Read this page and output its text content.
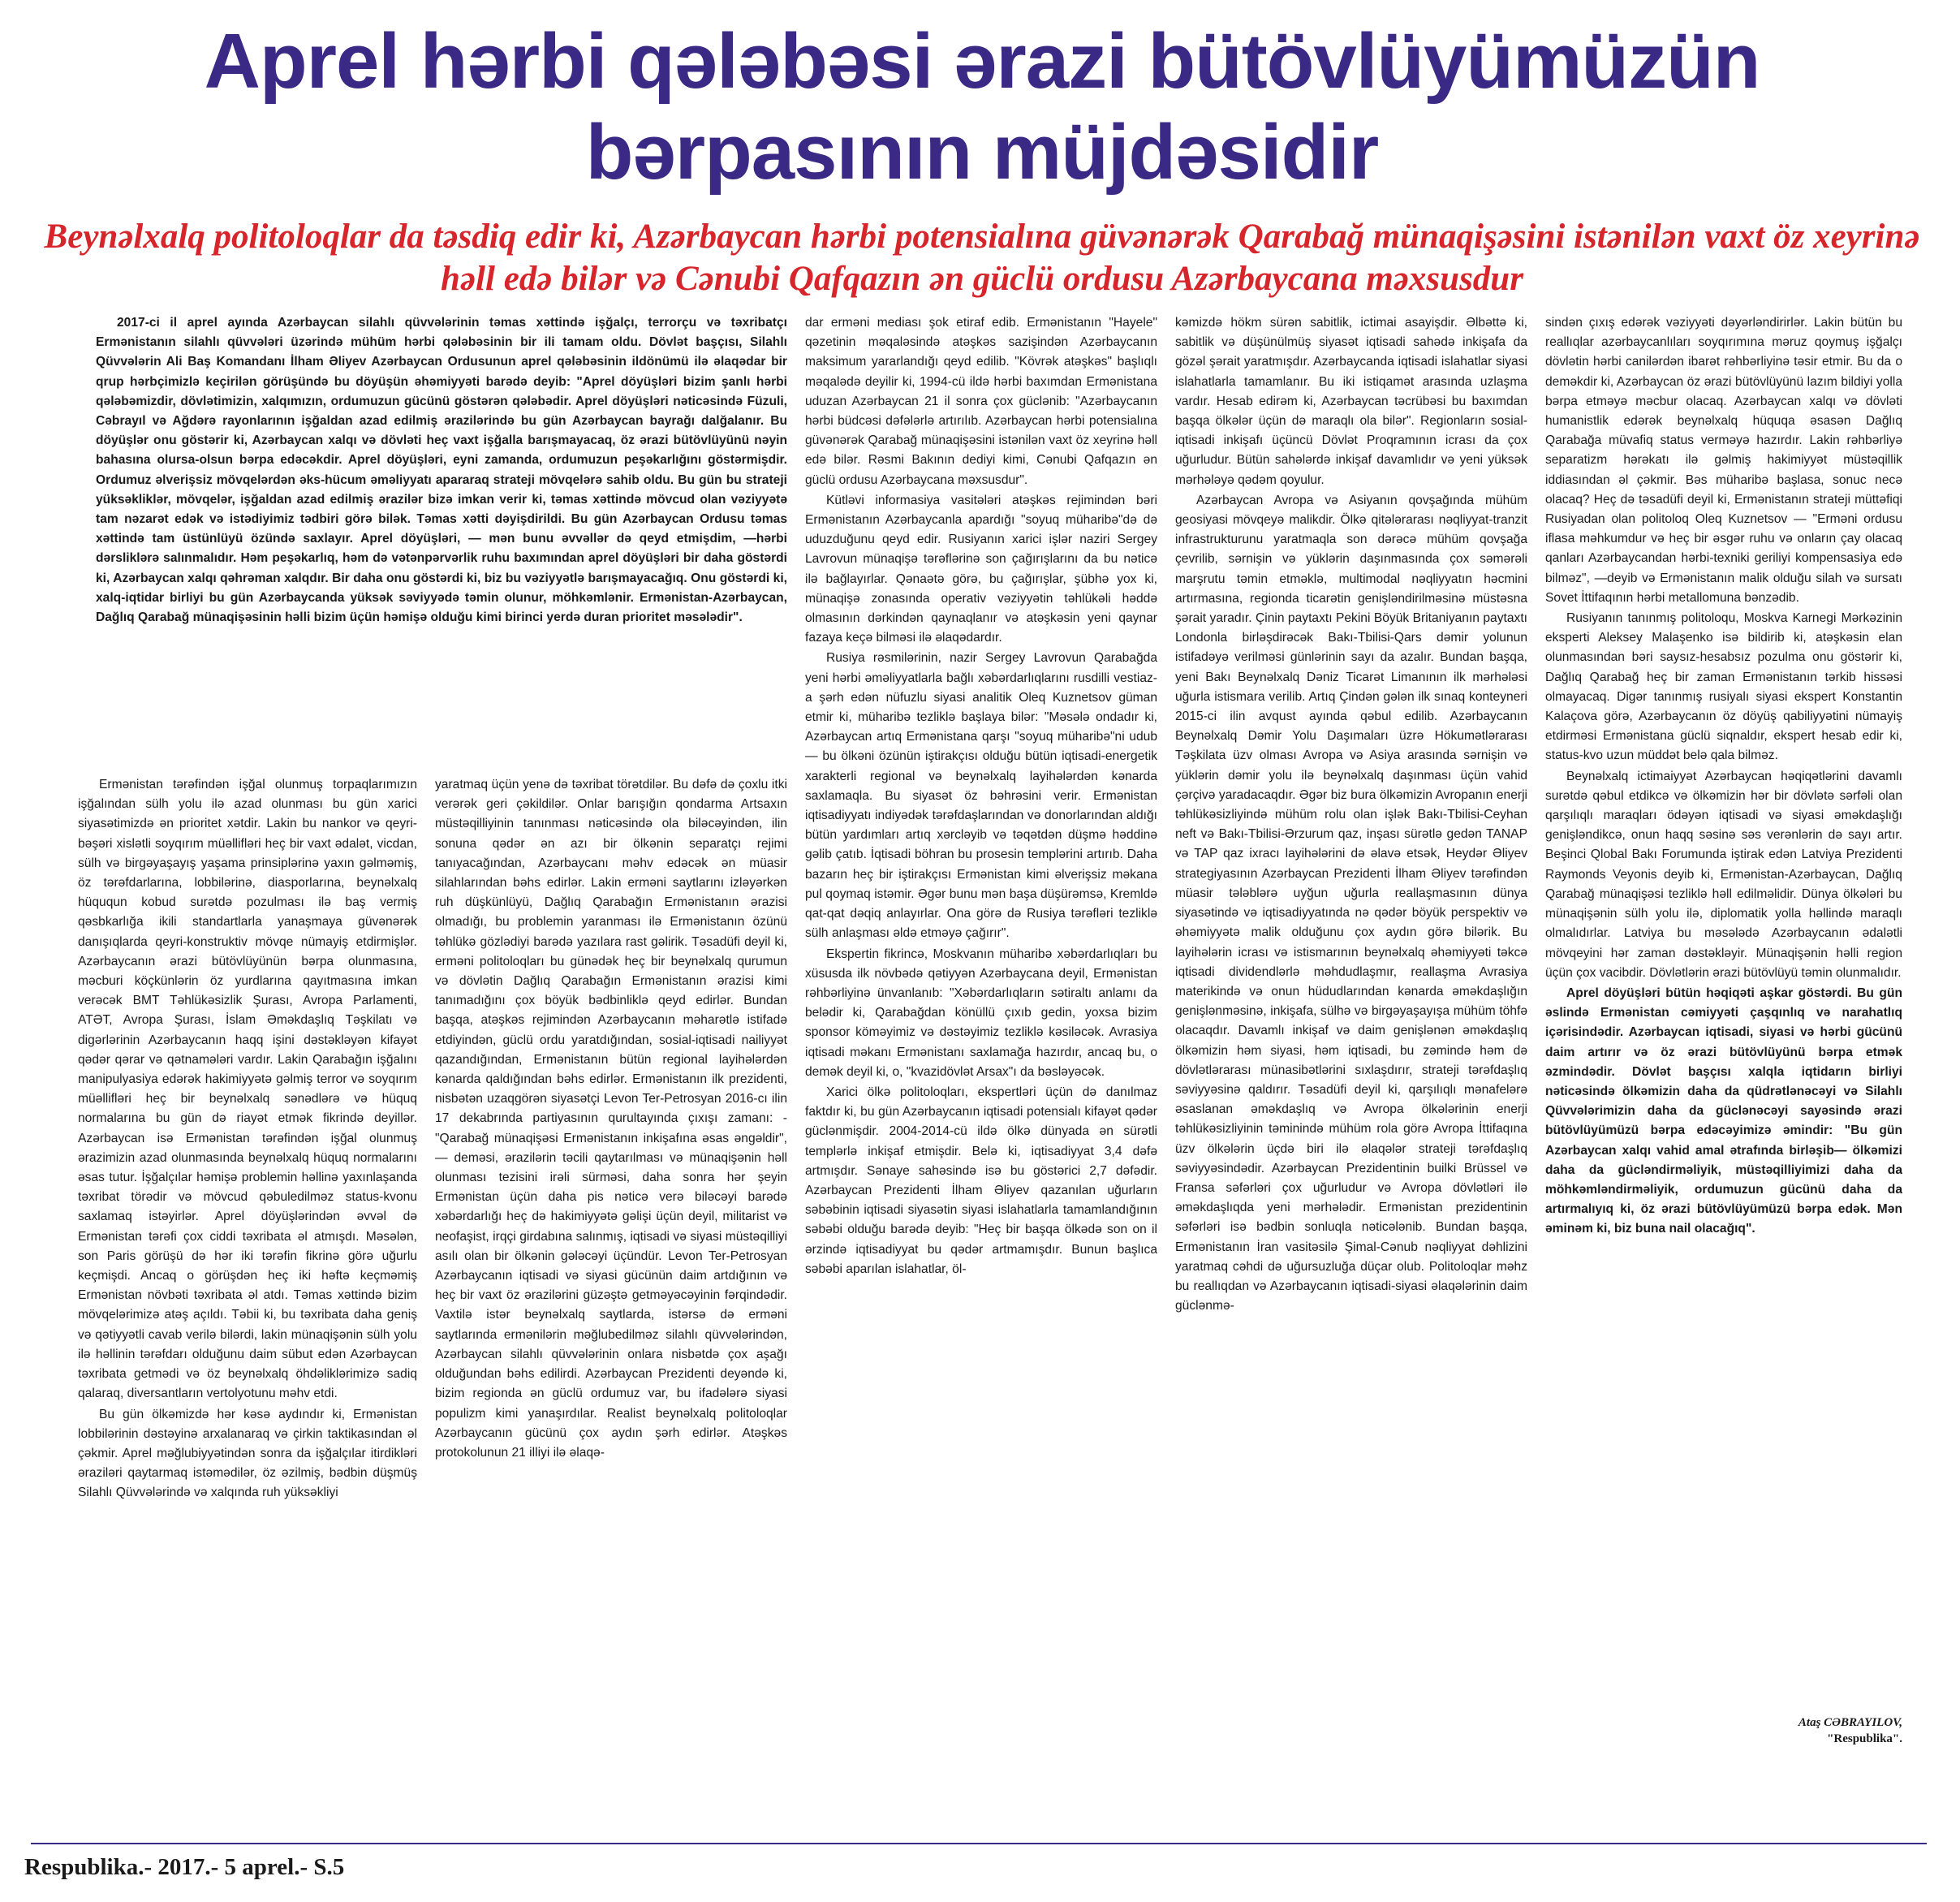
Aprel hərbi qələbəsi ərazi bütövlüyümüzün bərpasının müjdəsidir
Beynəlxalq politoloqlar da təsdiq edir ki, Azərbaycan hərbi potensialına güvənərək Qarabağ münaqişəsini istənilən vaxt öz xeyrinə həll edə bilər və Cənubi Qafqazın ən güclü ordusu Azərbaycana məxsusdur

2017-ci il aprel ayında Azərbaycan silahlı qüvvələrinin təmas xəttində işğalçı, terrorçu və təxribatçı Ermənistanın silahlı qüvvələri üzərində mühüm hərbi qələbəsinin bir ili tamam oldu. Dövlət başçısı, Silahlı Qüvvələrin Ali Baş Komandanı İlham Əliyev Azərbaycan Ordusunun aprel qələbəsinin ildönümü ilə əlaqədar bir qrup hərbçimizlə keçirilən görüşündə bu döyüşün əhəmiyyəti barədə deyib: "Aprel döyüşləri bizim şanlı hərbi qələbəmizdir, dövlətimizin, xalqımızın, ordumuzun gücünü göstərən qələbədir. Aprel döyüşləri nəticəsində Füzuli, Cəbrayıl və Ağdərə rayonlarının işğaldan azad edilmiş ərazilərində bu gün Azərbaycan bayrağı dalğalanır. Bu döyüşlər onu göstərir ki, Azərbaycan xalqı və dövləti heç vaxt işğalla barışmayacaq, öz ərazi bütövlüyünü nəyin bahasına olursa-olsun bərpa edəcəkdir. Aprel döyüşləri, eyni zamanda, ordumuzun peşəkarlığını göstərmişdir. Ordumuz əlverişsiz mövqelərdən əks-hücum əməliyyatı apararaq strateji mövqelərə sahib oldu. Bu gün bu strateji yüksəkliklər, mövqelər, işğaldan azad edilmiş ərazilər bizə imkan verir ki, təmas xəttində mövcud olan vəziyyətə tam nəzarət edək və istədiyimiz tədbiri görə bilək. Təmas xətti dəyişdirildi. Bu gün Azərbaycan Ordusu təmas xəttində tam üstünlüyü özündə saxlayır. Aprel döyüşləri, — mən bunu əvvəllər də qeyd etmişdim, —hərbi dərsliklərə salınmalıdır. Həm peşəkarlıq, həm də vətənpərvərlik ruhu baxımından aprel döyüşləri bir daha göstərdi ki, Azərbaycan xalqı qəhrəman xalqdır. Bir daha onu göstərdi ki, biz bu vəziyyətlə barışmayacağıq. Onu göstərdi ki, xalq-iqtidar birliyi bu gün Azərbaycanda yüksək səviyyədə təmin olunur, möhkəmlənir. Ermənistan-Azərbaycan, Dağlıq Qarabağ münaqişəsinin həlli bizim üçün həmişə olduğu kimi birinci yerdə duran prioritet məsələdir".

Ermənistan tərəfindən işğal olunmuş torpaqlarımızın işğalından sülh yolu ilə azad olunması bu gün xarici siyasətimizdə ən prioritet xətdir. Lakin bu nankor və qeyri-bəşəri xislətli soyqırım müəllifləri heç bir vaxt ədalət, vicdan, sülh və birgəyaşayış yaşama prinsiplərinə yaxın gəlməmiş, öz tərəfdarlarına, lobbilərinə, diasporlarına, beynəlxalq hüququn kobud surətdə pozulması ilə baş vermiş qəsbkarlığa ikili standartlarla yanaşmaya güvənərək danışıqlarda qeyri-konstruktiv mövqe nümayiş etdirmişlər. Azərbaycanın ərazi bütövlüyünün bərpa olunmasına, məcburi köçkünlərin öz yurdlarına qayıtmasına imkan verəcək BMT Təhlükəsizlik Şurası, Avropa Parlamenti, ATƏT, Avropa Şurası, İslam Əməkdaşlıq Təşkilatı və digərlərinin Azərbaycanın haqq işini dəstəkləyən kifayət qədər qərar və qətnamələri vardır. Lakin Qarabağın işğalını manipulyasiya edərək hakimiyyətə gəlmiş terror və soyqırım müəllifləri heç bir beynəlxalq sənədlərə və hüquq normalarına bu gün də riayət etmək fikrində deyillər. Azərbaycan isə Ermənistan tərəfindən işğal olunmuş ərazimizin azad olunmasında beynəlxalq hüquq normalarını əsas tutur. İşğalçılar həmişə problemin həllinə yaxınlaşanda təxribat törədir və mövcud qəbuledilməz status-kvonu saxlamaq istəyirlər. Aprel döyüşlərindən əvvəl də Ermənistan tərəfi çox ciddi təxribata əl atmışdı. Məsələn, son Paris görüşü də hər iki tərəfin fikrinə görə uğurlu keçmişdi. Ancaq o görüşdən heç iki həftə keçməmiş Ermənistan növbəti təxribata əl atdı. Təmas xəttində bizim mövqelərimizə atəş açıldı. Təbii ki, bu təxribata daha geniş və qətiyyətli cavab verilə bilərdi, lakin münaqişənin sülh yolu ilə həllinin tərəfdarı olduğunu daim sübut edən Azərbaycan təxribata getmədi və öz beynəlxalq öhdəliklərimizə sadiq qalaraq, diversantların vertolyotunu məhv etdi.

Bu gün ölkəmizdə hər kəsə aydındır ki, Ermənistan lobbilərinin dəstəyinə arxalanaraq və çirkin taktikasından əl çəkmir. Aprel məğlubiyyətindən sonra da işğalçılar itirdikləri əraziləri qaytarmaq istəmədilər, öz əzilmiş, bədbin düşmüş Silahlı Qüvvələrində və xalqında ruh yüksəkliyi

yaratmaq üçün yenə də təxribat törətdilər. Bu dəfə də çoxlu itki verərək geri çəkildilər. Onlar barışığın qondarma Artsaxın müstəqilliyinin tanınması nəticəsində ola biləcəyindən, ilin sonuna qədər ən azı bir ölkənin separatçı rejimi tanıyacağından, Azərbaycanı məhv edəcək ən müasir silahlarından bəhs edirlər. Lakin erməni saytlarını izləyərkən ruh düşkünlüyü, Dağlıq Qarabağın Ermənistanın ərazisi olmadığı, bu problemin yaranması ilə Ermənistanın özünü təhlükə gözlədiyi barədə yazılara rast gəlirik. Təsadüfi deyil ki, erməni politoloqları bu günədək heç bir beynəlxalq qurumun və dövlətin Dağlıq Qarabağın Ermənistanın ərazisi kimi tanımadığını çox böyük bədbinliklə qeyd edirlər. Bundan başqa, atəşkəs rejimindən Azərbaycanın məharətlə istifadə etdiyindən, güclü ordu yaratdığından, sosial-iqtisadi nailiyyət qazandığından, Ermənistanın bütün regional layihələrdən kənarda qaldığından bəhs edirlər. Ermənistanın ilk prezidenti, nisbətən uzaqgörən siyasətçi Levon Ter-Petrosyan 2016-cı ilin 17 dekabrında partiyasının qurultayında çıxışı zamanı: - "Qarabağ münaqişəsi Ermənistanın inkişafına əsas əngəldir",— deməsi, ərazilərin təcili qaytarılması və münaqişənin həll olunması tezisini irəli sürməsi, daha sonra hər şeyin Ermənistan üçün daha pis nəticə verə biləcəyi barədə xəbərdarlığı heç də hakimiyyətə gəlişi üçün deyil, militarist və neofaşist, irqçi girdabına salınmış, iqtisadi və siyasi müstəqilliyi asılı olan bir ölkənin gələcəyi üçündür. Levon Ter-Petrosyan Azərbaycanın iqtisadi və siyasi gücünün daim artdığının və heç bir vaxt öz ərazilərini güzəştə getməyəcəyinin fərqindədir. Vaxtilə istər beynəlxalq saytlarda, istərsə də erməni saytlarında ermənilərin məğlubedilməz silahlı qüvvələrindən, Azərbaycan silahlı qüvvələrinin onlara nisbətdə çox aşağı olduğundan bəhs edilirdi. Azərbaycan Prezidenti deyəndə ki, bizim regionda ən güclü ordumuz var, bu ifadələrə siyasi populizm kimi yanaşırdılar. Realist beynəlxalq politoloqlar Azərbaycanın gücünü çox aydın şərh edirlər. Atəşkəs protokolunun 21 illiyi ilə əlaqə-

dar erməni mediası şok etiraf edib. Ermənistanın "Hayele" qəzetinin məqaləsində atəşkəs sazişindən Azərbaycanın maksimum yararlandığı qeyd edilib. "Kövrək atəşkəs" başlıqlı məqalədə deyilir ki, 1994-cü ildə hərbi baxımdan Ermənistana uduzan Azərbaycan 21 il sonra çox güclənib: "Azərbaycanın hərbi büdcəsi dəfələrlə artırılıb. Azərbaycan hərbi potensialına güvənərək Qarabağ münaqişəsini istənilən vaxt öz xeyrinə həll edə bilər. Rəsmi Bakının dediyi kimi, Cənubi Qafqazın ən güclü ordusu Azərbaycana məxsusdur".

Kütləvi informasiya vasitələri atəşkəs rejimindən bəri Ermənistanın Azərbaycanla apardığı "soyuq müharibə"də də uduzduğunu qeyd edir. Rusiyanın xarici işlər naziri Sergey Lavrovun münaqişə tərəflərinə son çağırışlarını da bu nəticə ilə bağlayırlar. Qənaətə görə, bu çağırışlar, şübhə yox ki, münaqişə zonasında operativ vəziyyətin təhlükəli həddə olmasının dərkindən qaynaqlanır və atəşkəsin yeni qaynar fazaya keçə bilməsi ilə əlaqədardır.

Rusiya rəsmilərinin, nazir Sergey Lavrovun Qarabağda yeni hərbi əməliyyatlarla bağlı xəbərdarlıqlarını rusdilli vestiaz-a şərh edən nüfuzlu siyasi analitik Oleq Kuznetsov güman etmir ki, müharibə tezliklə başlaya bilər: "Məsələ ondadır ki, Azərbaycan artıq Ermənistana qarşı "soyuq müharibə"ni udub — bu ölkəni özünün iştirakçısı olduğu bütün iqtisadi-energetik xarakterli regional və beynəlxalq layihələrdən kənarda saxlamaqla. Bu siyasət öz bəhrəsini verir. Ermənistan iqtisadiyyatı indiyədək tərəfdaşlarından və donorlarından aldığı bütün yardımları artıq xərcləyib və təqətdən düşmə həddinə gəlib çatıb. İqtisadi böhran bu prosesin templərini artırıb. Daha bazarın heç bir iştirakçısı Ermənistan kimi əlverişsiz məkana pul qoymaq istəmir. Əgər bunu mən başa düşürəmsə, Kremldə qat-qat dəqiq anlayırlar. Ona görə də Rusiya tərəfləri tezliklə sülh anlaşması əldə etməyə çağırır".

Ekspertin fikrincə, Moskvanın müharibə xəbərdarlıqları bu xüsusda ilk növbədə qətiyyən Azərbaycana deyil, Ermənistan rəhbərliyinə ünvanlanıb: "Xəbərdarlıqların sətiraltı anlamı da belədir ki, Qarabağdan könüllü çıxıb gedin, yoxsa bizim sponsor köməyimiz və dəstəyimiz tezliklə kəsiləcək. Avrasiya iqtisadi məkanı Ermənistanı saxlamağa hazırdır, ancaq bu, o demək deyil ki, o, "kvazidövlət Arsax"ı da bəsləyəcək.

Xarici ölkə politoloqları, ekspertləri üçün də danılmaz faktdır ki, bu gün Azərbaycanın iqtisadi potensialı kifayət qədər güclənmişdir. 2004-2014-cü ildə ölkə dünyada ən sürətli templərlə inkişaf etmişdir. Belə ki, iqtisadiyyat 3,4 dəfə artmışdır. Sənaye sahəsində isə bu göstərici 2,7 dəfədir. Azərbaycan Prezidenti İlham Əliyev qazanılan uğurların səbəbinin iqtisadi siyasətin siyasi islahatlarla tamamlandığının səbəbi olduğu barədə deyib: "Heç bir başqa ölkədə son on il ərzində iqtisadiyyat bu qədər artmamışdır. Bunun başlıca səbəbi aparılan islahatlar, öl-

kəmizdə hökm sürən sabitlik, ictimai asayişdir. Əlbəttə ki, sabitlik və düşünülmüş siyasət iqtisadi sahədə inkişafa da gözəl şərait yaratmışdır. Azərbaycanda iqtisadi islahatlar siyasi islahatlarla tamamlanır. Bu iki istiqamət arasında uzlaşma vardır. Hesab edirəm ki, Azərbaycan təcrübəsi bu baxımdan başqa ölkələr üçün də maraqlı ola bilər". Regionların sosial-iqtisadi inkişafı üçüncü Dövlət Proqramının icrası da çox uğurludur. Bütün sahələrdə inkişaf davamlıdır və yeni yüksək mərhələyə qədəm qoyulur.

Azərbaycan Avropa və Asiyanın qovşağında mühüm geosiyasi mövqeyə malikdir. Ölkə qitələrarası nəqliyyat-tranzit infrastrukturunu yaratmaqla son dərəcə mühüm qovşağa çevrilib, sərnişin və yüklərin daşınmasında çox səmərəli marşrutu təmin etməklə, multimodal nəqliyyatın həcmini artırmasına, regionda ticarətin genişləndirilməsinə müstəsna şərait yaradır. Çinin paytaxtı Pekini Böyük Britaniyanın paytaxtı Londonla birləşdirəcək Bakı-Tbilisi-Qars dəmir yolunun istifadəyə verilməsi günlərinin sayı da azalır. Bundan başqa, yeni Bakı Beynəlxalq Dəniz Ticarət Limanının ilk mərhələsi uğurla istismara verilib. Artıq Çindən gələn ilk sınaq konteyneri 2015-ci ilin avqust ayında qəbul edilib. Azərbaycanın Beynəlxalq Dəmir Yolu Daşımaları üzrə Hökumətlərarası Təşkilata üzv olması Avropa və Asiya arasında sərnişin və yüklərin dəmir yolu ilə beynəlxalq daşınması üçün vahid çərçivə yaradacaqdır. Əgər biz bura ölkəmizin Avropanın enerji təhlükəsizliyində mühüm rolu olan işlək Bakı-Tbilisi-Ceyhan neft və Bakı-Tbilisi-Ərzurum qaz, inşası sürətlə gedən TANAP və TAP qaz ixracı layihələrini də əlavə etsək, Heydər Əliyev strategiyasının Azərbaycan Prezidenti İlham Əliyev tərəfindən müasir tələblərə uyğun uğurla reallaşmasının dünya siyasətində və iqtisadiyyatında nə qədər böyük perspektiv və əhəmiyyətə malik olduğunu çox aydın görə bilərik. Bu layihələrin icrası və istismarının beynəlxalq əhəmiyyəti təkcə iqtisadi dividendlərlə məhdudlaşmır, reallaşma Avrasiya materikində və onun hüdudlarından kənarda əməkdaşlığın genişlənməsinə, inkişafa, sülhə və birgəyaşayışa mühüm töhfə olacaqdır. Davamlı inkişaf və daim genişlənən əməkdaşlıq ölkəmizin həm siyasi, həm iqtisadi, bu zəmində həm də dövlətlərarası münasibətlərini sıxlaşdırır, strateji tərəfdaşlıq səviyyəsinə qaldırır. Təsadüfi deyil ki, qarşılıqlı mənafelərə əsaslanan əməkdaşlıq və Avropa ölkələrinin enerji təhlükəsizliyinin təminində mühüm rola görə Avropa İttifaqına üzv ölkələrin üçdə biri ilə əlaqələr strateji tərəfdaşlıq səviyyəsindədir. Azərbaycan Prezidentinin builki Brüssel və Fransa səfərləri çox uğurludur və Avropa dövlətləri ilə əməkdaşlıqda yeni mərhələdir. Ermənistan prezidentinin səfərləri isə bədbin sonluqla nəticələnib. Bundan başqa, Ermənistanın İran vasitəsilə Şimal-Cənub nəqliyyat dəhlizini yaratmaq cəhdi də uğursuzluğa düçar olub. Politoloqlar məhz bu reallıqdan və Azərbaycanın iqtisadi-siyasi əlaqələrinin daim güclənmə-

sindən çıxış edərək vəziyyəti dəyərləndirirlər. Lakin bütün bu reallıqlar azərbaycanlıları soyqırımına məruz qoymuş işğalçı dövlətin hərbi canilərdən ibarət rəhbərliyinə təsir etmir. Bu da o deməkdir ki, Azərbaycan öz ərazi bütövlüyünü lazım bildiyi yolla bərpa etməyə məcbur olacaq. Azərbaycan xalqı və dövləti humanistlik edərək beynəlxalq hüquqa əsasən Dağlıq Qarabağa müvafiq status verməyə hazırdır. Lakin rəhbərliyə separatizm hərəkatı ilə gəlmiş hakimiyyət müstəqillik iddiasından əl çəkmir. Bəs müharibə başlasa, sonuc necə olacaq? Heç də təsadüfi deyil ki, Ermənistanın strateji müttəfiqi Rusiyadan olan politoloq Oleq Kuznetsov — "Erməni ordusu iflasa məhkumdur və heç bir əsgər ruhu və onların çay olacaq qanları Azərbaycandan hərbi-texniki geriliyi kompensasiya edə bilməz", —deyib və Ermənistanın malik olduğu silah və sursatı Sovet İttifaqının hərbi metallomuna bənzədib.

Rusiyanın tanınmış politoloqu, Moskva Karnegi Mərkəzinin eksperti Aleksey Malaşenko isə bildirib ki, atəşkəsin elan olunmasından bəri saysız-hesabsız pozulma onu göstərir ki, Dağlıq Qarabağ heç bir zaman Ermənistanın tərkib hissəsi olmayacaq. Digər tanınmış rusiyalı siyasi ekspert Konstantin Kalaçova görə, Azərbaycanın öz döyüş qabiliyyətini nümayiş etdirməsi Ermənistana güclü siqnaldır, ekspert hesab edir ki, status-kvo uzun müddət belə qala bilməz.

Beynəlxalq ictimaiyyət Azərbaycan həqiqətlərini davamlı surətdə qəbul etdikcə və ölkəmizin hər bir dövlətə sərfəli olan qarşılıqlı maraqları ödəyən iqtisadi və siyasi əməkdaşlığı genişləndikcə, onun haqq səsinə səs verənlərin də sayı artır. Beşinci Qlobal Bakı Forumunda iştirak edən Latviya Prezidenti Raymonds Veyonis deyib ki, Ermənistan-Azərbaycan, Dağlıq Qarabağ münaqişəsi tezliklə həll edilməlidir. Dünya ölkələri bu münaqişənin sülh yolu ilə, diplomatik yolla həllində maraqlı olmalıdırlar. Latviya bu məsələdə Azərbaycanın ədalətli mövqeyini hər zaman dəstəkləyir. Münaqişənin həlli region üçün çox vacibdir. Dövlətlərin ərazi bütövlüyü təmin olunmalıdır.

Aprel döyüşləri bütün həqiqəti aşkar göstərdi. Bu gün əslində Ermənistan cəmiyyəti çaşqınlıq və narahatlıq içərisindədir. Azərbaycan iqtisadi, siyasi və hərbi gücünü daim artırır və öz ərazi bütövlüyünü bərpa etmək əzmindədir. Dövlət başçısı xalqla iqtidarın birliyi nəticəsində ölkəmizin daha da qüdrətlənəcəyi və Silahlı Qüvvələrimizin daha da güclənəcəyi sayəsində ərazi bütövlüyümüzü bərpa edəcəyimizə əmindir: "Bu gün Azərbaycan xalqı vahid amal ətrafında birləşib— ölkəmizi daha da gücləndirməliyik, müstəqilliyimizi daha da möhkəmləndirməliyik, ordumuzun gücünü daha da artırmalıyıq ki, öz ərazi bütövlüyümüzü bərpa edək. Mən əminəm ki, biz buna nail olacağıq".

Ataş CƏBRAYILOV,
"Respublika".
Respublika.- 2017.- 5 aprel.- S.5
